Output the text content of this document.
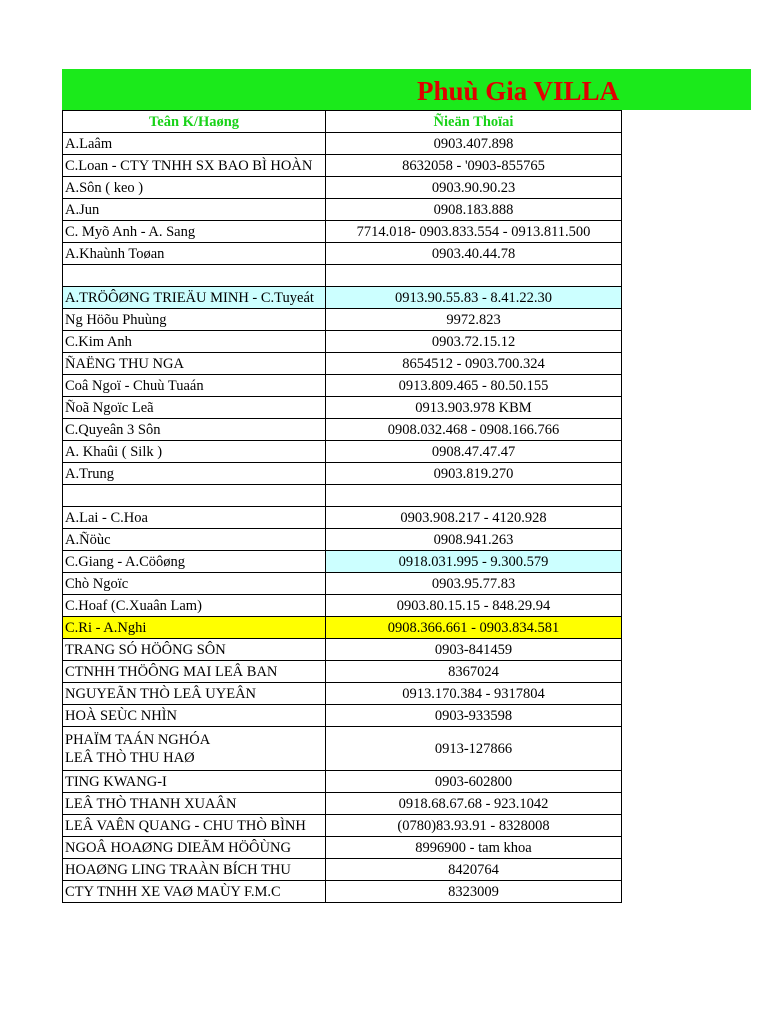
Phuù Gia VILLA
Teân K/Haøng	Ñieän Thoïai
A.Laâm	0903.407.898
C.Loan - CTY TNHH SX BAO BÌ HOÀN	8632058 - '0903-855765
A.Sôn ( keo )	0903.90.90.23
A.Jun	0908.183.888
C. Myõ Anh - A. Sang	7714.018- 0903.833.554 - 0913.811.500
A.Khaùnh Toøan	0903.40.44.78

A.TRÖÔØNG TRIEÄU MINH - C.Tuyeát	0913.90.55.83 - 8.41.22.30
Ng Höõu Phuùng	9972.823
C.Kim Anh	0903.72.15.12
ÑAËNG THU NGA	8654512 - 0903.700.324
Coâ Ngoï - Chuù Tuaán	0913.809.465 - 80.50.155
Ñoã Ngoïc Leã	0913.903.978 KBM
C.Quyeân 3 Sôn	0908.032.468 - 0908.166.766
A. Khaûi ( Silk )	0908.47.47.47
A.Trung	0903.819.270

A.Lai - C.Hoa	0903.908.217 - 4120.928
A.Ñöùc	0908.941.263
C.Giang - A.Cöôøng	0918.031.995 - 9.300.579
Chò Ngoïc	0903.95.77.83
C.Hoaf (C.Xuaân Lam)	0903.80.15.15 - 848.29.94
C.Ri - A.Nghi	0908.366.661 - 0903.834.581
TRANG SÓ HÖÔNG SÔN	0903-841459
CTNHH THÖÔNG MAI LEÂ BAN	8367024
NGUYEÃN THÒ LEÂ UYEÂN	0913.170.384 - 9317804
HOÀ SEÙC NHÌN	0903-933598

PHAÏM TAÁN NGHÓA
LEÂ THÒ THU HAØ	0913-127866
TING KWANG-I	0903-602800
LEÂ THÒ THANH XUAÂN	0918.68.67.68 - 923.1042
LEÂ VAÊN QUANG - CHU THÒ BÌNH	(0780)83.93.91 - 8328008
NGOÂ HOAØNG DIEÃM HÖÔÙNG	8996900 - tam khoa
HOAØNG LING TRAÀN BÍCH THU	8420764
CTY TNHH XE VAØ MAÙY F.M.C	8323009
